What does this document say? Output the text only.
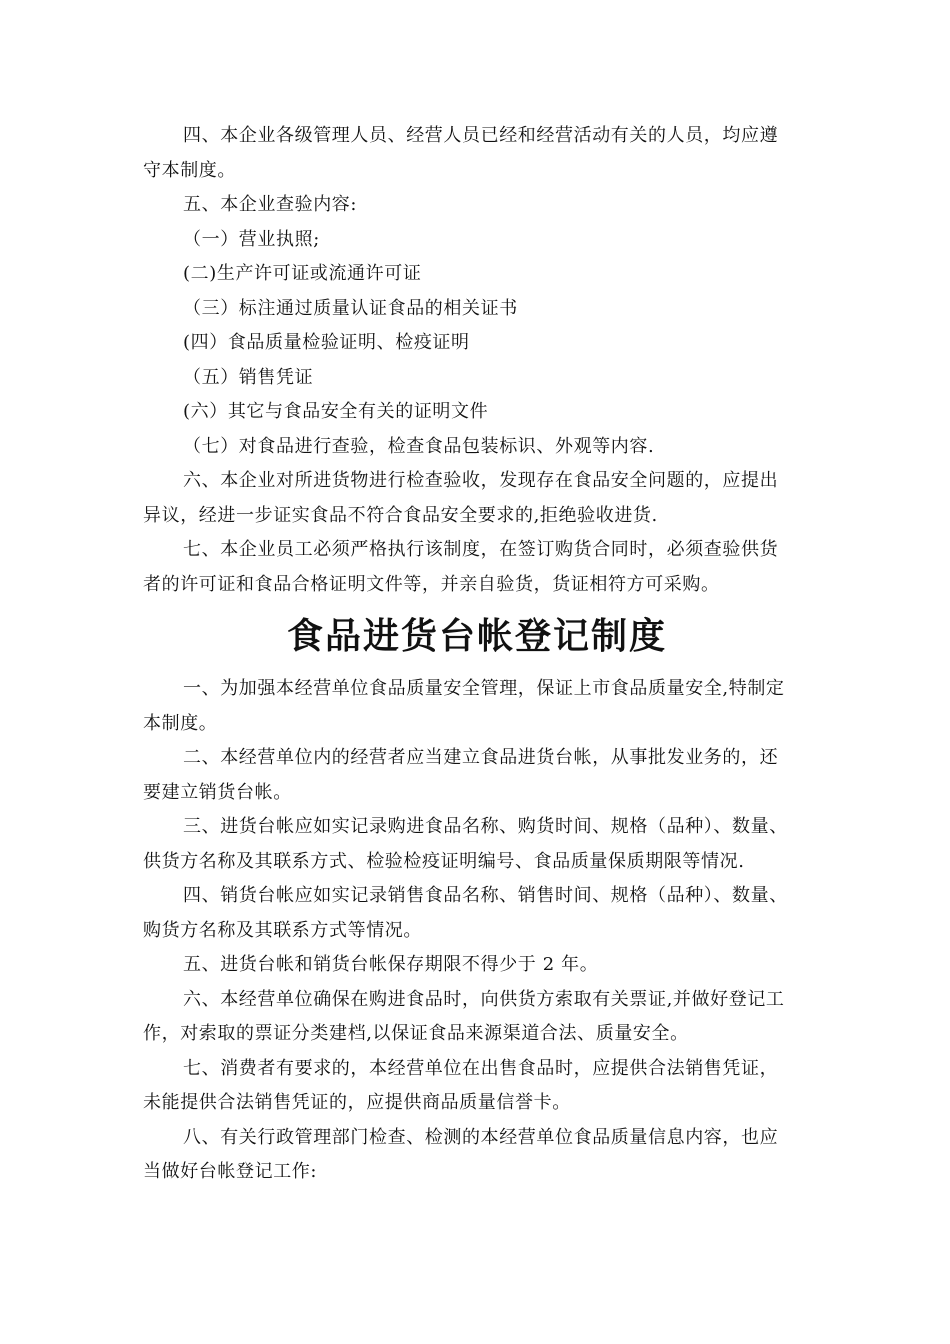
四、本企业各级管理人员、经营人员已经和经营活动有关的人员，均应遵
守本制度。
五、本企业查验内容:
（一）营业执照;
(二)生产许可证或流通许可证
（三）标注通过质量认证食品的相关证书
(四）食品质量检验证明、检疫证明
（五）销售凭证
(六）其它与食品安全有关的证明文件
（七）对食品进行查验，检查食品包装标识、外观等内容.
六、本企业对所进货物进行检查验收，发现存在食品安全问题的，应提出
异议，经进一步证实食品不符合食品安全要求的,拒绝验收进货.
七、本企业员工必须严格执行该制度，在签订购货合同时，必须查验供货
者的许可证和食品合格证明文件等，并亲自验货，货证相符方可采购。
食品进货台帐登记制度
一、为加强本经营单位食品质量安全管理，保证上市食品质量安全,特制定
本制度。
二、本经营单位内的经营者应当建立食品进货台帐，从事批发业务的，还
要建立销货台帐。
三、进货台帐应如实记录购进食品名称、购货时间、规格（品种）、数量、
供货方名称及其联系方式、检验检疫证明编号、食品质量保质期限等情况.
四、销货台帐应如实记录销售食品名称、销售时间、规格（品种）、数量、
购货方名称及其联系方式等情况。
五、进货台帐和销货台帐保存期限不得少于 2 年。
六、本经营单位确保在购进食品时，向供货方索取有关票证,并做好登记工
作，对索取的票证分类建档,以保证食品来源渠道合法、质量安全。
七、消费者有要求的，本经营单位在出售食品时，应提供合法销售凭证，
未能提供合法销售凭证的，应提供商品质量信誉卡。
八、有关行政管理部门检查、检测的本经营单位食品质量信息内容，也应
当做好台帐登记工作:
